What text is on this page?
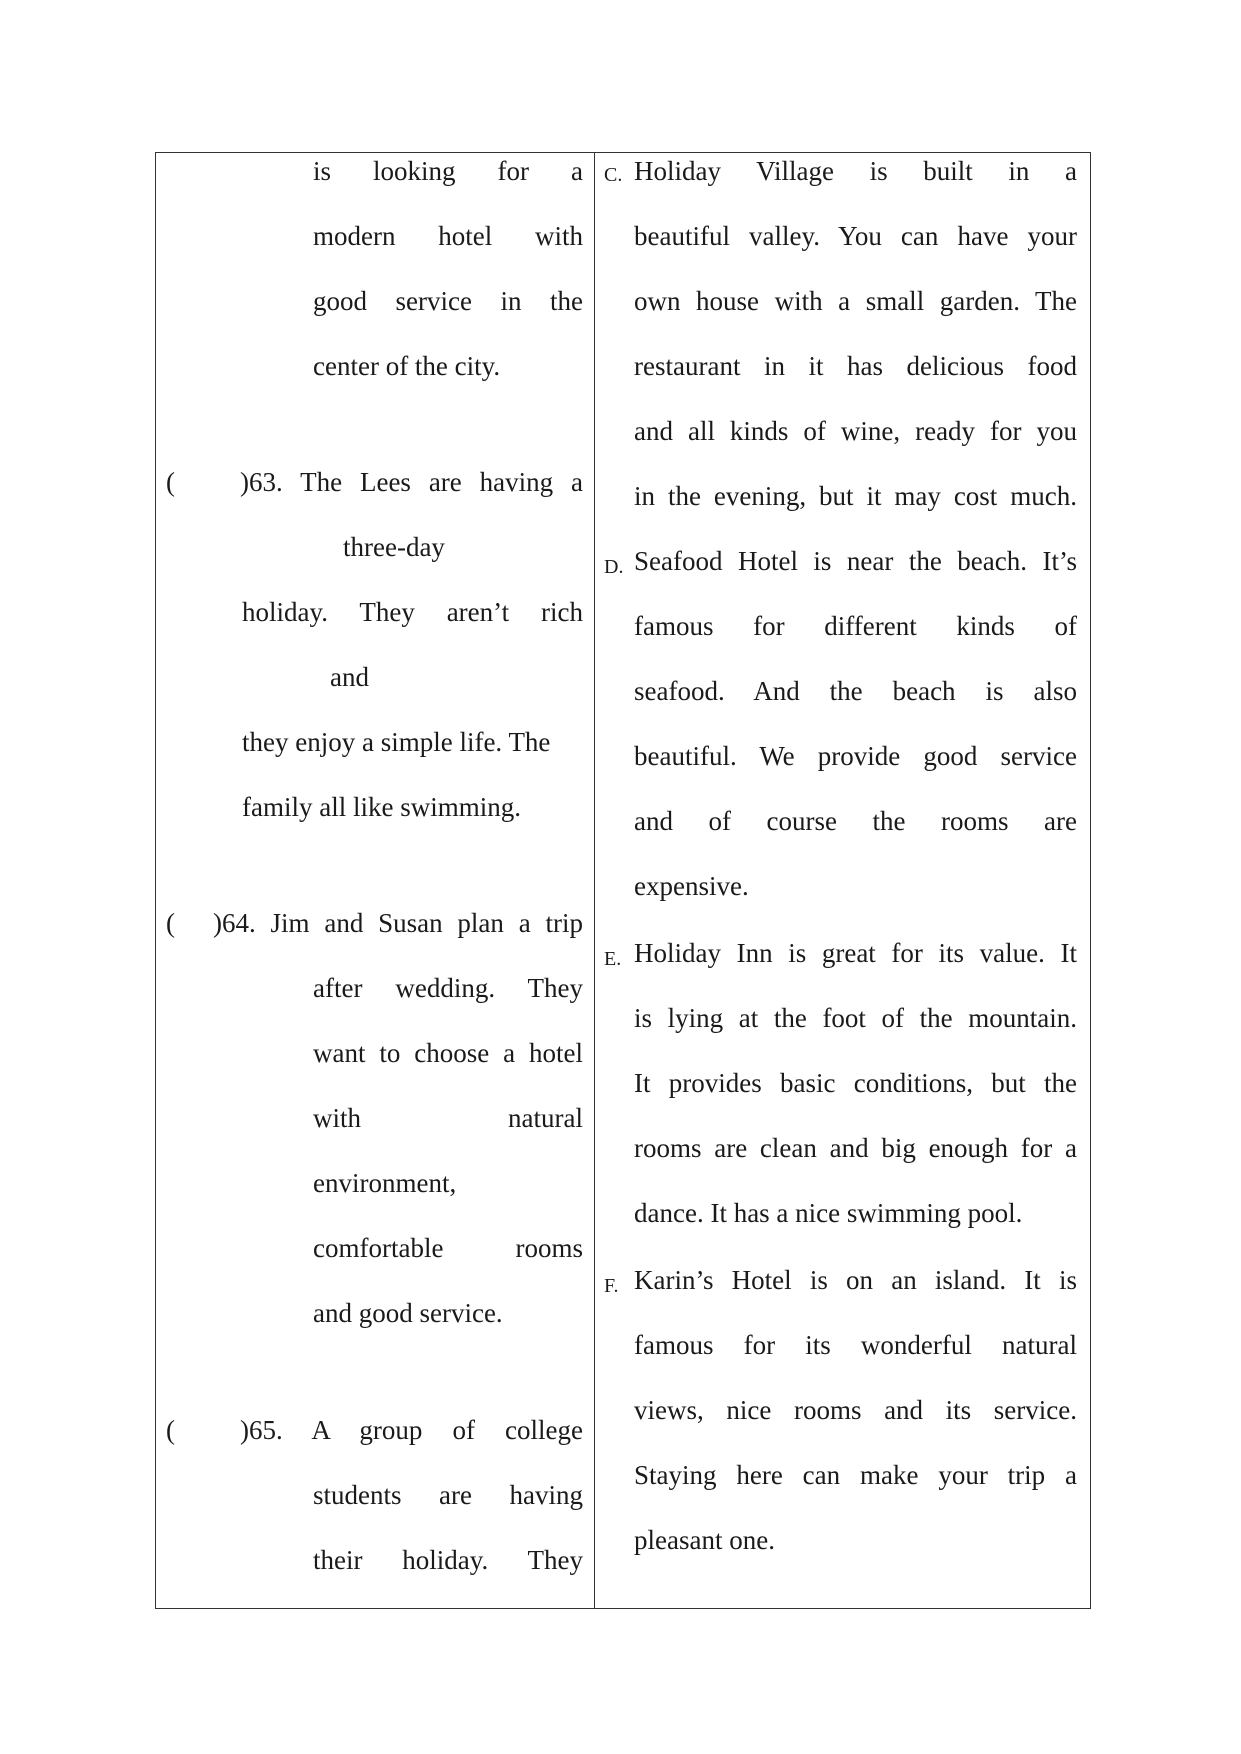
is looking for a
modern hotel with
good service in the
center of the city.
)63. The Lees are having a
three-day
holiday. They aren’t rich
and
they enjoy a simple life. The
family all like swimming.
)64. Jim and Susan plan a trip
after wedding. They
want to choose a hotel
with natural
environment,
comfortable rooms
and good service.
)65. A group of college
students are having
their holiday. They
(
(
(
C.
D.
E.
F.
Holiday Village is built in a
beautiful valley. You can have your
own house with a small garden. The
restaurant in it has delicious food
and all kinds of wine, ready for you
in the evening, but it may cost much.
Seafood Hotel is near the beach. It’s
famous for different kinds of
seafood. And the beach is also
beautiful. We provide good service
and of course the rooms are
expensive.
Holiday Inn is great for its value. It
is lying at the foot of the mountain.
It provides basic conditions, but the
rooms are clean and big enough for a
dance. It has a nice swimming pool.
Karin’s Hotel is on an island. It is
famous for its wonderful natural
views, nice rooms and its service.
Staying here can make your trip a
pleasant one.
